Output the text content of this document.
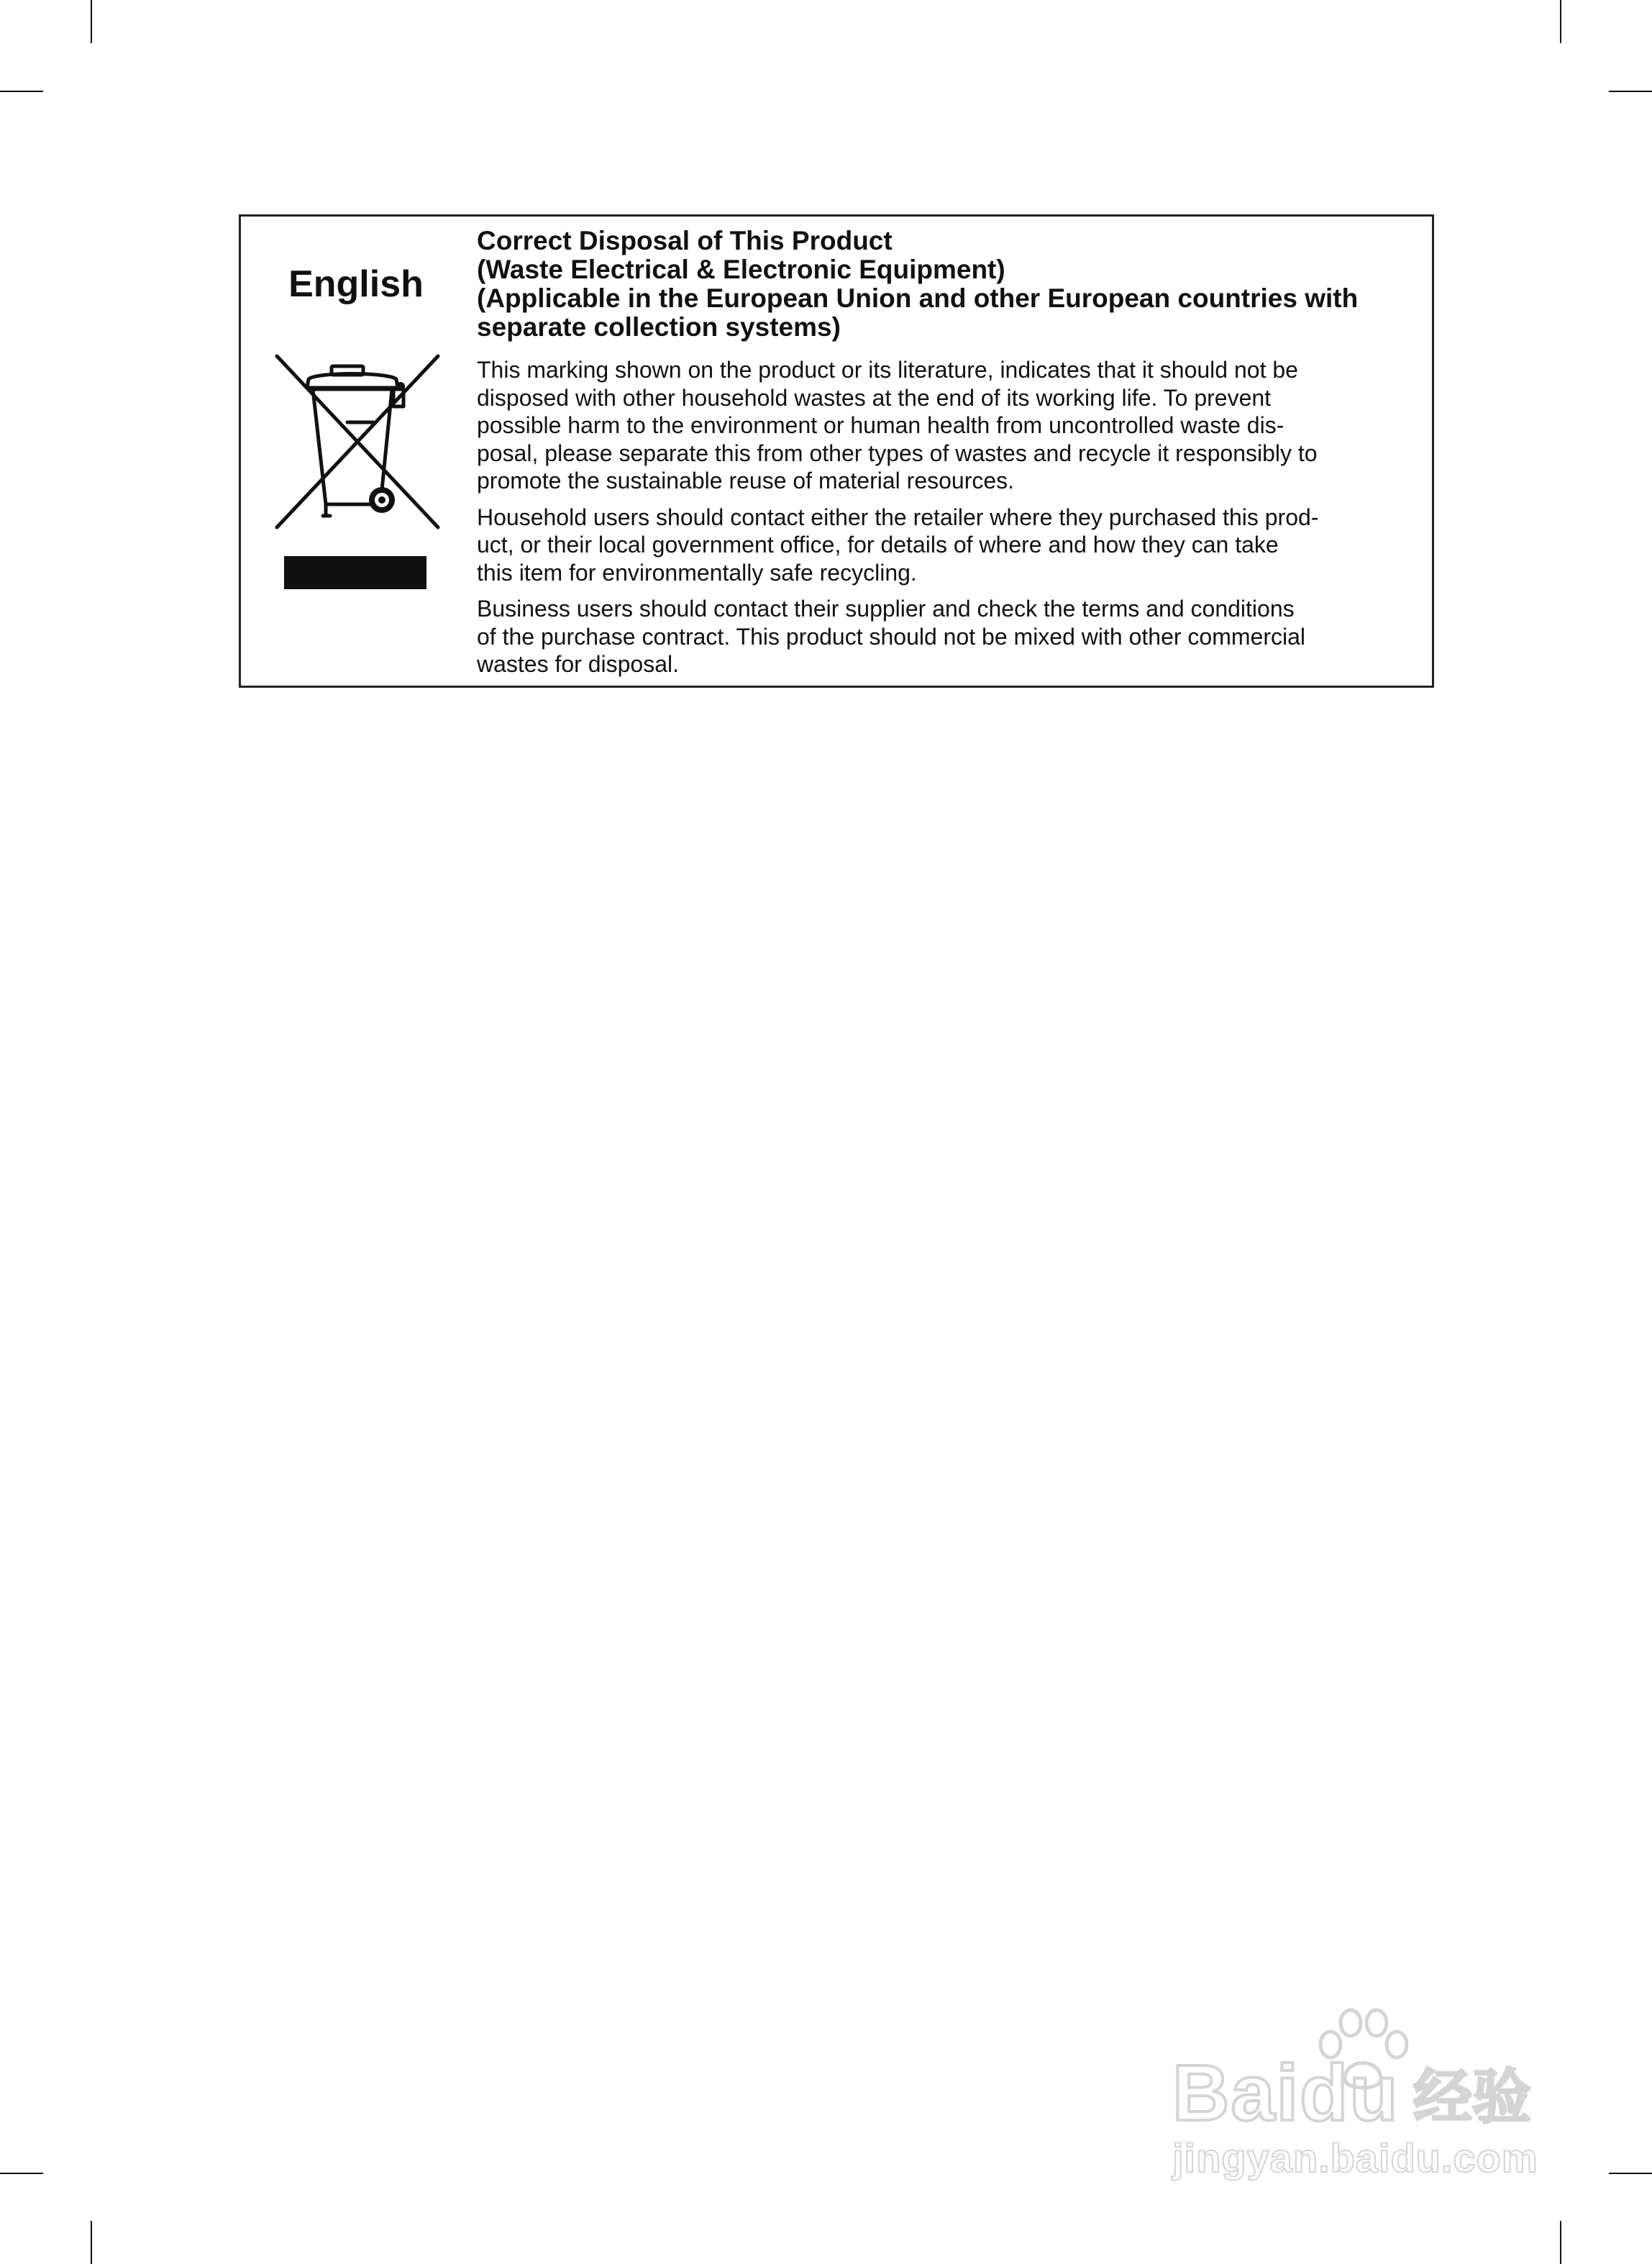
English

Correct Disposal of This Product
(Waste Electrical & Electronic Equipment)
(Applicable in the European Union and other European countries with
separate collection systems)

This marking shown on the product or its literature, indicates that it should not be
disposed with other household wastes at the end of its working life. To prevent
possible harm to the environment or human health from uncontrolled waste dis-
posal, please separate this from other types of wastes and recycle it responsibly to
promote the sustainable reuse of material resources.

Household users should contact either the retailer where they purchased this prod-
uct, or their local government office, for details of where and how they can take
this item for environmentally safe recycling.

Business users should contact their supplier and check the terms and conditions
of the purchase contract. This product should not be mixed with other commercial
wastes for disposal.

Baidu 经验
jingyan.baidu.com
